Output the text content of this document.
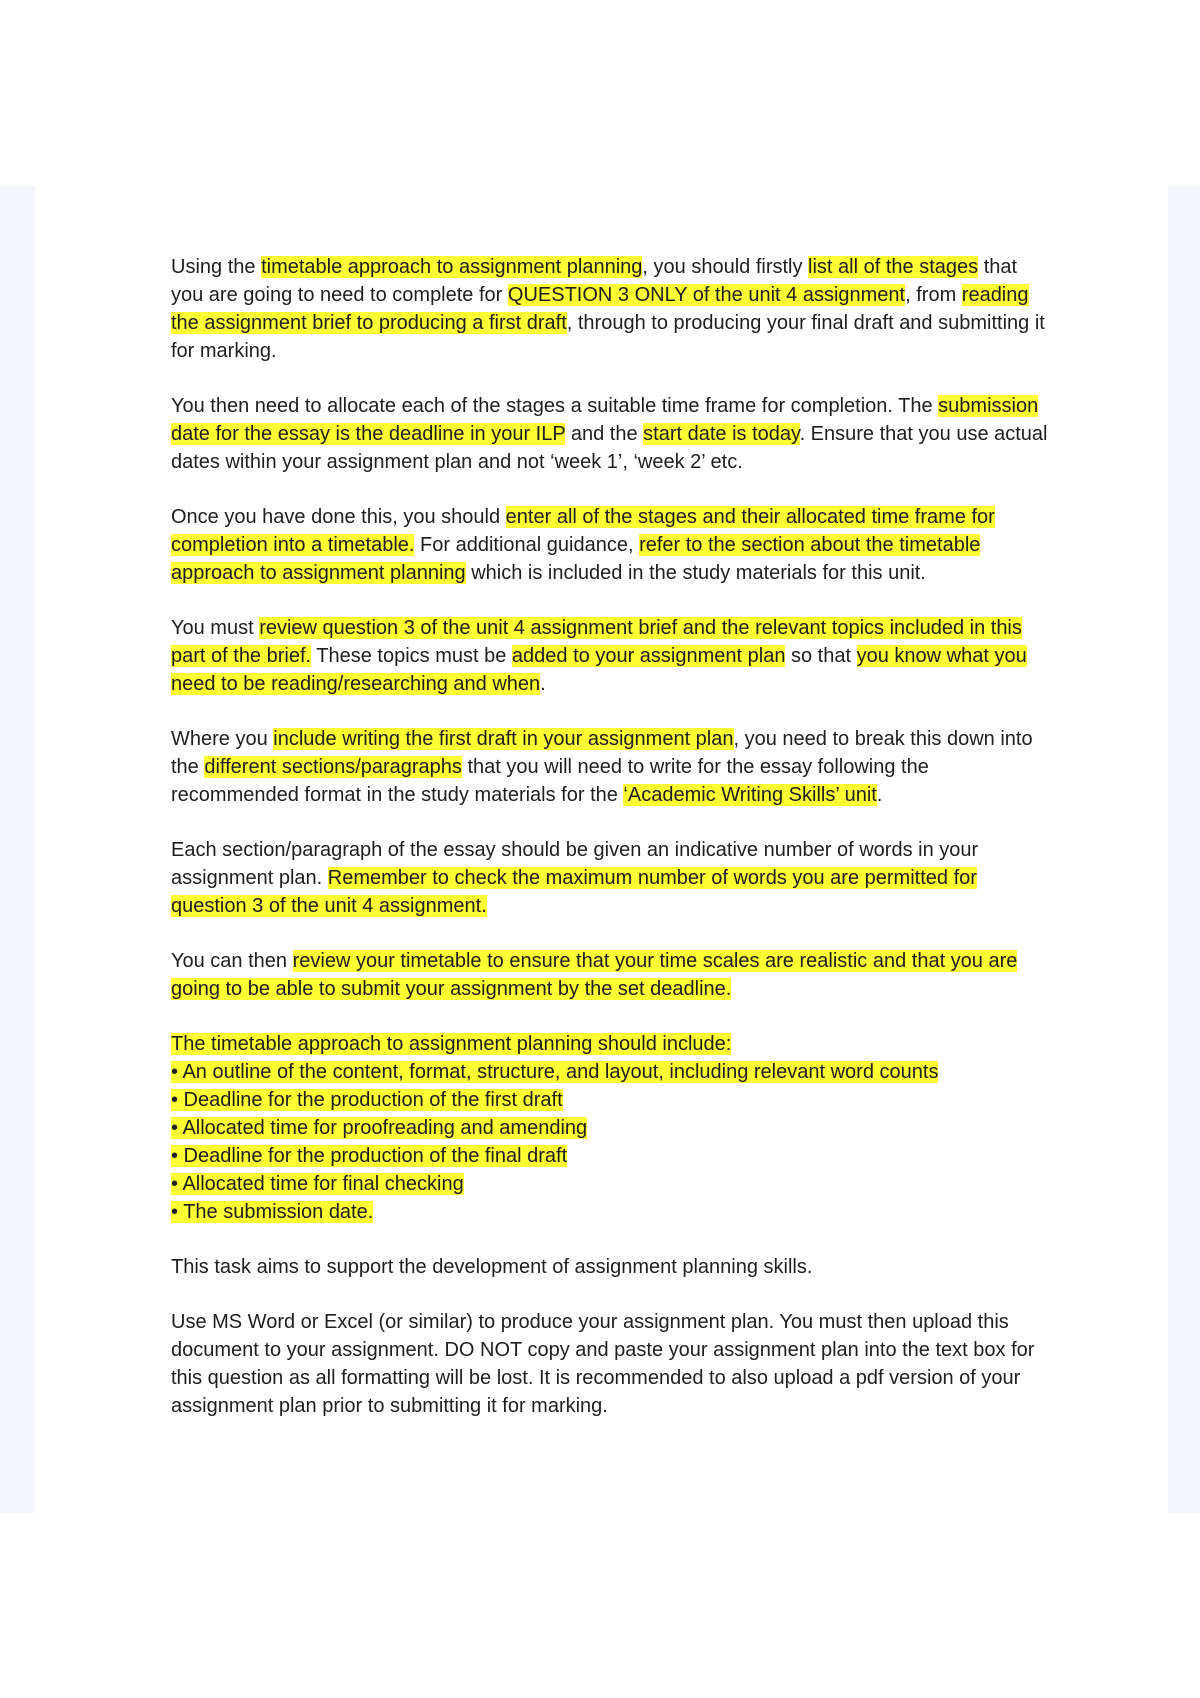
Using the timetable approach to assignment planning, you should firstly list all of the stages that you are going to need to complete for QUESTION 3 ONLY of the unit 4 assignment, from reading the assignment brief to producing a first draft, through to producing your final draft and submitting it for marking.

You then need to allocate each of the stages a suitable time frame for completion. The submission date for the essay is the deadline in your ILP and the start date is today. Ensure that you use actual dates within your assignment plan and not ‘week 1’, ‘week 2’ etc.

Once you have done this, you should enter all of the stages and their allocated time frame for completion into a timetable. For additional guidance, refer to the section about the timetable approach to assignment planning which is included in the study materials for this unit.

You must review question 3 of the unit 4 assignment brief and the relevant topics included in this part of the brief. These topics must be added to your assignment plan so that you know what you need to be reading/researching and when.

Where you include writing the first draft in your assignment plan, you need to break this down into the different sections/paragraphs that you will need to write for the essay following the recommended format in the study materials for the ‘Academic Writing Skills’ unit.

Each section/paragraph of the essay should be given an indicative number of words in your assignment plan. Remember to check the maximum number of words you are permitted for question 3 of the unit 4 assignment.

You can then review your timetable to ensure that your time scales are realistic and that you are going to be able to submit your assignment by the set deadline.

The timetable approach to assignment planning should include:
• An outline of the content, format, structure, and layout, including relevant word counts
• Deadline for the production of the first draft
• Allocated time for proofreading and amending
• Deadline for the production of the final draft
• Allocated time for final checking
• The submission date.

This task aims to support the development of assignment planning skills.

Use MS Word or Excel (or similar) to produce your assignment plan. You must then upload this document to your assignment. DO NOT copy and paste your assignment plan into the text box for this question as all formatting will be lost. It is recommended to also upload a pdf version of your assignment plan prior to submitting it for marking.
